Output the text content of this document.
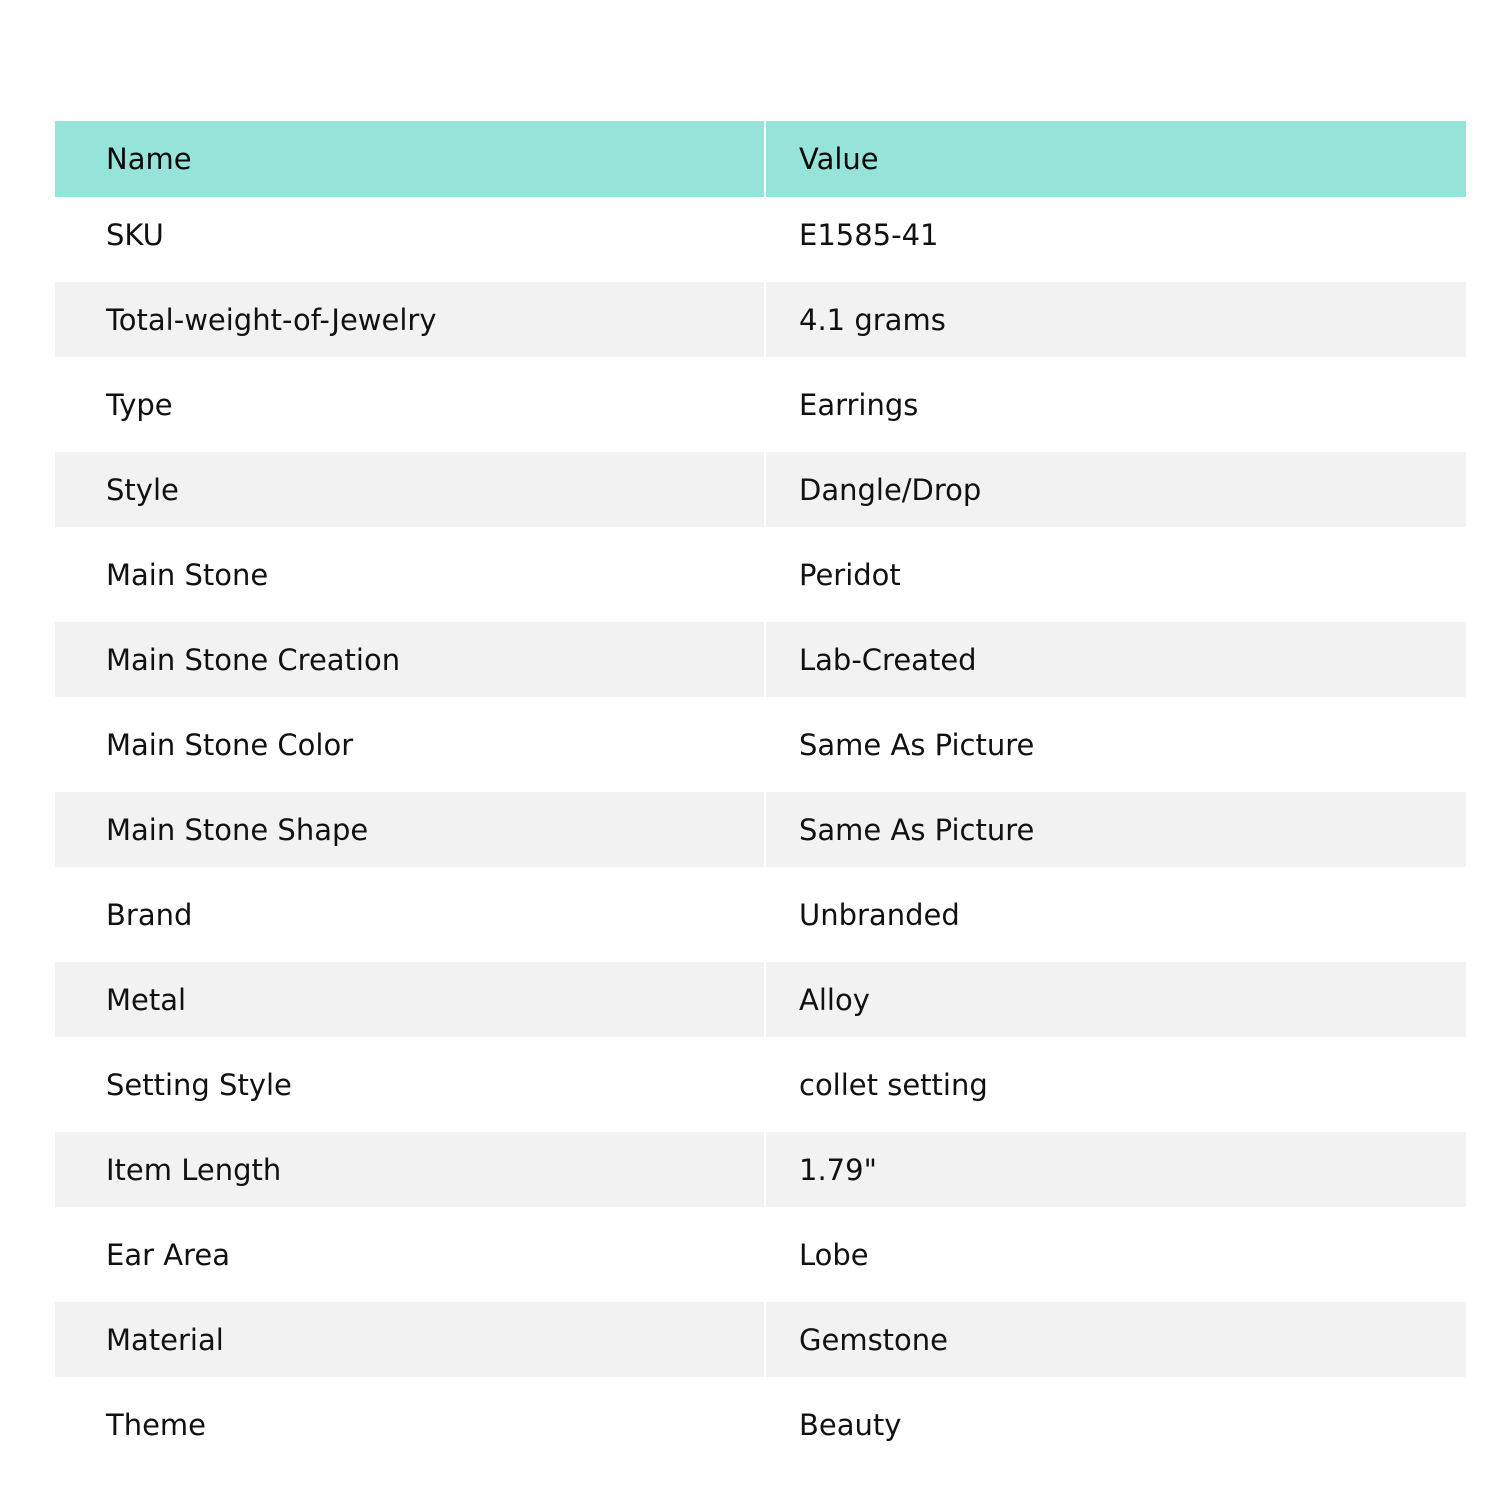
Name	Value
SKU	E1585-41

Total-weight-of-Jewelry	4.1 grams

Type	Earrings

Style	Dangle/Drop

Main Stone	Peridot

Main Stone Creation	Lab-Created

Main Stone Color	Same As Picture

Main Stone Shape	Same As Picture

Brand	Unbranded

Metal	Alloy

Setting Style	collet setting

Item Length	1.79"

Ear Area	Lobe

Material	Gemstone

Theme	Beauty
